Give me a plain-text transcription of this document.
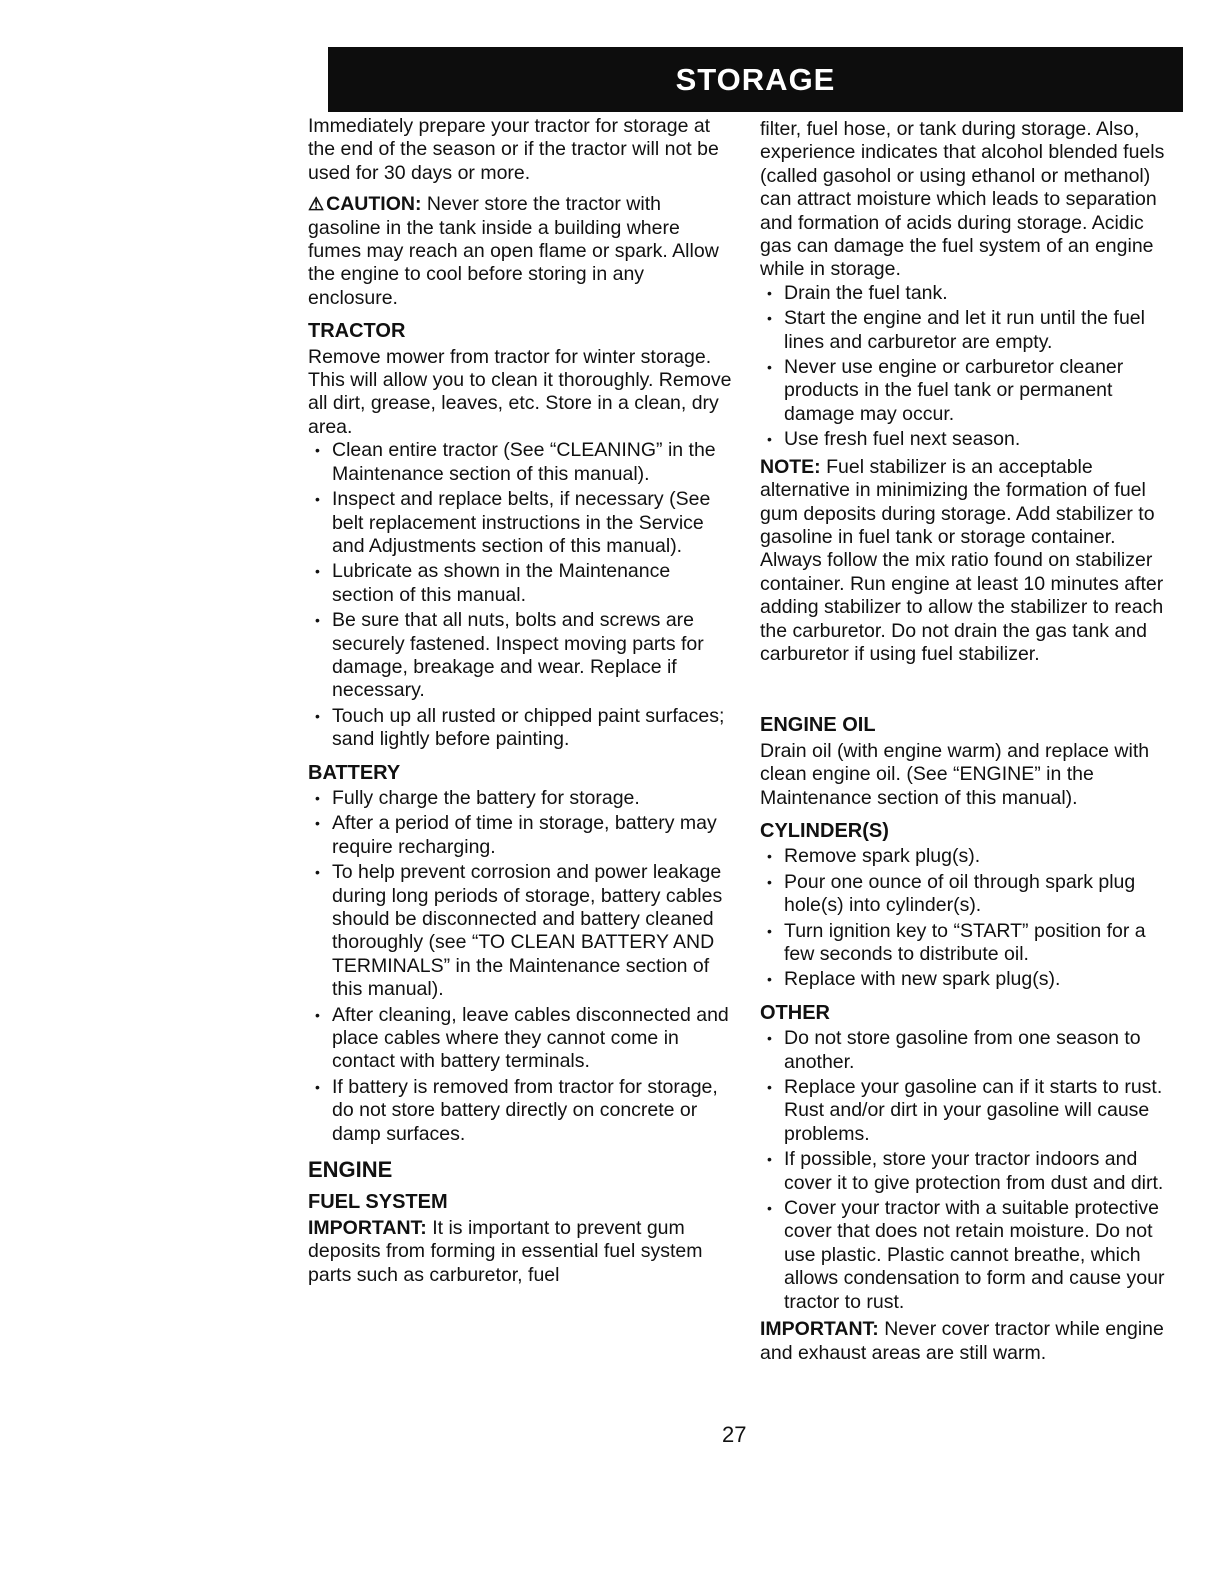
STORAGE

Immediately prepare your tractor for storage at the end of the season or if the tractor will not be used for 30 days or more.

⚠ CAUTION: Never store the tractor with gasoline in the tank inside a building where fumes may reach an open flame or spark. Allow the engine to cool before storing in any enclosure.

TRACTOR

Remove mower from tractor for winter storage. This will allow you to clean it thoroughly. Remove all dirt, grease, leaves, etc. Store in a clean, dry area.

• Clean entire tractor (See “CLEANING” in the Maintenance section of this manual).
• Inspect and replace belts, if necessary (See belt replacement instructions in the Service and Adjustments section of this manual).
• Lubricate as shown in the Maintenance section of this manual.
• Be sure that all nuts, bolts and screws are securely fastened. Inspect moving parts for damage, breakage and wear. Replace if necessary.
• Touch up all rusted or chipped paint surfaces; sand lightly before painting.
BATTERY
• Fully charge the battery for storage.
• After a period of time in storage, battery may require recharging.
• To help prevent corrosion and power leakage during long periods of storage, battery cables should be disconnected and battery cleaned thoroughly (see “TO CLEAN BATTERY AND TERMINALS” in the Maintenance section of this manual).
• After cleaning, leave cables disconnected and place cables where they cannot come in contact with battery terminals.
• If battery is removed from tractor for storage, do not store battery directly on concrete or damp surfaces.
ENGINE
FUEL SYSTEM

IMPORTANT: It is important to prevent gum deposits from forming in essential fuel system parts such as carburetor, fuel

filter, fuel hose, or tank during storage. Also, experience indicates that alcohol blended fuels (called gasohol or using ethanol or methanol) can attract moisture which leads to separation and formation of acids during storage. Acidic gas can damage the fuel system of an engine while in storage.

• Drain the fuel tank.
• Start the engine and let it run until the fuel lines and carburetor are empty.
• Never use engine or carburetor cleaner products in the fuel tank or permanent damage may occur.
• Use fresh fuel next season.

NOTE: Fuel stabilizer is an acceptable alternative in minimizing the formation of fuel gum deposits during storage. Add stabilizer to gasoline in fuel tank or storage container. Always follow the mix ratio found on stabilizer container. Run engine at least 10 minutes after adding stabilizer to allow the stabilizer to reach the carburetor. Do not drain the gas tank and carburetor if using fuel stabilizer.

ENGINE OIL

Drain oil (with engine warm) and replace with clean engine oil. (See “ENGINE” in the Maintenance section of this manual).

CYLINDER(S)
• Remove spark plug(s).
• Pour one ounce of oil through spark plug hole(s) into cylinder(s).
• Turn ignition key to “START” position for a few seconds to distribute oil.
• Replace with new spark plug(s).
OTHER
• Do not store gasoline from one season to another.
• Replace your gasoline can if it starts to rust. Rust and/or dirt in your gasoline will cause problems.
• If possible, store your tractor indoors and cover it to give protection from dust and dirt.
• Cover your tractor with a suitable protective cover that does not retain moisture. Do not use plastic. Plastic cannot breathe, which allows condensation to form and cause your tractor to rust.

IMPORTANT: Never cover tractor while engine and exhaust areas are still warm.

27
